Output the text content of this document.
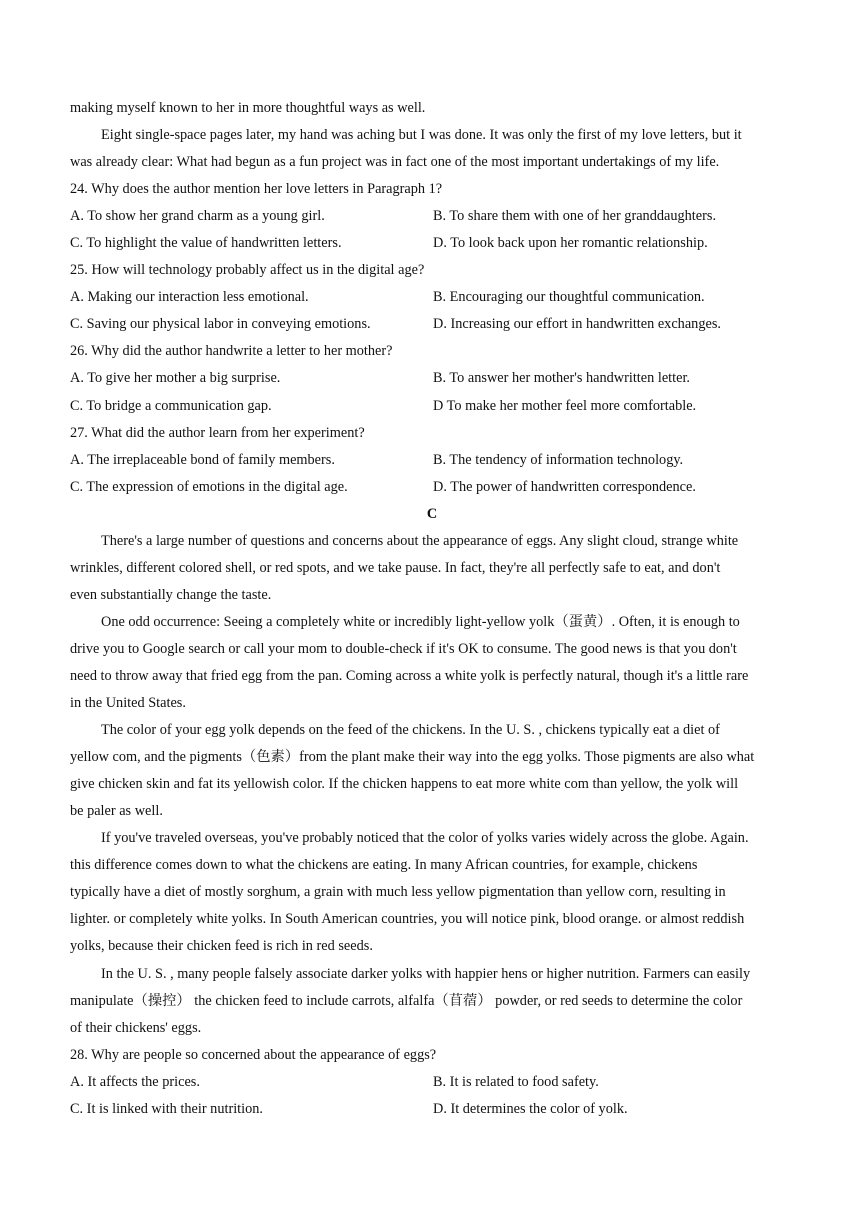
making myself known to her in more thoughtful ways as well.
Eight single-space pages later, my hand was aching but I was done. It was only the first of my love letters, but it
was already clear: What had begun as a fun project was in fact one of the most important undertakings of my life.
24. Why does the author mention her love letters in Paragraph 1?
A. To show her grand charm as a young girl.	B. To share them with one of her granddaughters.
C. To highlight the value of handwritten letters.	D. To look back upon her romantic relationship.
25. How will technology probably affect us in the digital age?
A. Making our interaction less emotional.	B. Encouraging our thoughtful communication.
C. Saving our physical labor in conveying emotions.	D. Increasing our effort in handwritten exchanges.
26. Why did the author handwrite a letter to her mother?
A. To give her mother a big surprise.	B. To answer her mother's handwritten letter.
C. To bridge a communication gap.	D To make her mother feel more comfortable.
27. What did the author learn from her experiment?
A. The irreplaceable bond of family members.	B. The tendency of information technology.
C. The expression of emotions in the digital age.	D. The power of handwritten correspondence.
C
There's a large number of questions and concerns about the appearance of eggs. Any slight cloud, strange white
wrinkles, different colored shell, or red spots, and we take pause. In fact, they're all perfectly safe to eat, and don't
even substantially change the taste.
One odd occurrence: Seeing a completely white or incredibly light-yellow yolk（蛋黄）. Often, it is enough to
drive you to Google search or call your mom to double-check if it's OK to consume. The good news is that you don't
need to throw away that fried egg from the pan. Coming across a white yolk is perfectly natural, though it's a little rare
in the United States.
The color of your egg yolk depends on the feed of the chickens. In the U. S. , chickens typically eat a diet of
yellow com, and the pigments（色素）from the plant make their way into the egg yolks. Those pigments are also what
give chicken skin and fat its yellowish color. If the chicken happens to eat more white com than yellow, the yolk will
be paler as well.
If you've traveled overseas, you've probably noticed that the color of yolks varies widely across the globe. Again.
this difference comes down to what the chickens are eating. In many African countries, for example, chickens
typically have a diet of mostly sorghum, a grain with much less yellow pigmentation than yellow corn, resulting in
lighter. or completely white yolks. In South American countries, you will notice pink, blood orange. or almost reddish
yolks, because their chicken feed is rich in red seeds.
In the U. S. , many people falsely associate darker yolks with happier hens or higher nutrition. Farmers can easily
manipulate（操控） the chicken feed to include carrots, alfalfa（苜蓿） powder, or red seeds to determine the color
of their chickens' eggs.
28. Why are people so concerned about the appearance of eggs?
A. It affects the prices.	B. It is related to food safety.
C. It is linked with their nutrition.	D. It determines the color of yolk.
